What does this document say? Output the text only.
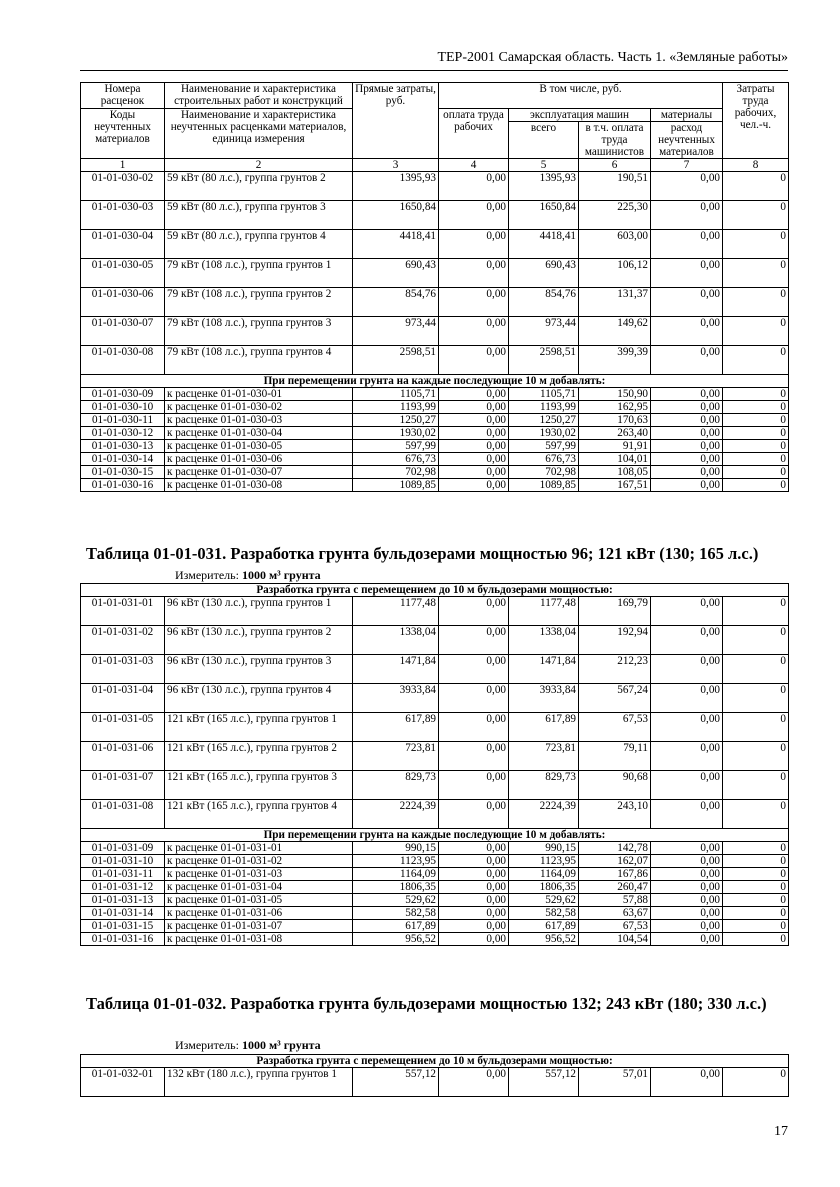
ТЕР-2001 Самарская область. Часть 1. «Земляные работы»
Номера расценок	Наименование и характеристика строительных работ и конструкций	Прямые затраты, руб.	В том числе, руб.				Затраты труда рабочих, чел.-ч.
Коды неучтенных материалов	Наименование и характеристика неучтенных расценками материалов, единица измерения		оплата труда рабочих	эксплуатация машин		материалы	
				всего	в т.ч. оплата труда машинистов	расход неучтенных материалов	

1	2	3	4	5	6	7	8
01-01-030-02	59 кВт (80 л.с.), группа грунтов 2	1395,93	0,00	1395,93	190,51	0,00	0
01-01-030-03	59 кВт (80 л.с.), группа грунтов 3	1650,84	0,00	1650,84	225,30	0,00	0
01-01-030-04	59 кВт (80 л.с.), группа грунтов 4	4418,41	0,00	4418,41	603,00	0,00	0
01-01-030-05	79 кВт (108 л.с.), группа грунтов 1	690,43	0,00	690,43	106,12	0,00	0
01-01-030-06	79 кВт (108 л.с.), группа грунтов 2	854,76	0,00	854,76	131,37	0,00	0
01-01-030-07	79 кВт (108 л.с.), группа грунтов 3	973,44	0,00	973,44	149,62	0,00	0
01-01-030-08	79 кВт (108 л.с.), группа грунтов 4	2598,51	0,00	2598,51	399,39	0,00	0
При перемещении грунта на каждые последующие 10 м добавлять:							
01-01-030-09	к расценке 01-01-030-01	1105,71	0,00	1105,71	150,90	0,00	0
01-01-030-10	к расценке 01-01-030-02	1193,99	0,00	1193,99	162,95	0,00	0
01-01-030-11	к расценке 01-01-030-03	1250,27	0,00	1250,27	170,63	0,00	0
01-01-030-12	к расценке 01-01-030-04	1930,02	0,00	1930,02	263,40	0,00	0
01-01-030-13	к расценке 01-01-030-05	597,99	0,00	597,99	91,91	0,00	0
01-01-030-14	к расценке 01-01-030-06	676,73	0,00	676,73	104,01	0,00	0
01-01-030-15	к расценке 01-01-030-07	702,98	0,00	702,98	108,05	0,00	0
01-01-030-16	к расценке 01-01-030-08	1089,85	0,00	1089,85	167,51	0,00	0
Таблица 01-01-031. Разработка грунта бульдозерами мощностью 96; 121 кВт (130; 165 л.с.)
Измеритель: 1000 м³ грунта
Разработка грунта с перемещением до 10 м бульдозерами мощностью:							
01-01-031-01	96 кВт (130 л.с.), группа грунтов 1	1177,48	0,00	1177,48	169,79	0,00	0
01-01-031-02	96 кВт (130 л.с.), группа грунтов 2	1338,04	0,00	1338,04	192,94	0,00	0
01-01-031-03	96 кВт (130 л.с.), группа грунтов 3	1471,84	0,00	1471,84	212,23	0,00	0
01-01-031-04	96 кВт (130 л.с.), группа грунтов 4	3933,84	0,00	3933,84	567,24	0,00	0
01-01-031-05	121 кВт (165 л.с.), группа грунтов 1	617,89	0,00	617,89	67,53	0,00	0
01-01-031-06	121 кВт (165 л.с.), группа грунтов 2	723,81	0,00	723,81	79,11	0,00	0
01-01-031-07	121 кВт (165 л.с.), группа грунтов 3	829,73	0,00	829,73	90,68	0,00	0
01-01-031-08	121 кВт (165 л.с.), группа грунтов 4	2224,39	0,00	2224,39	243,10	0,00	0
При перемещении грунта на каждые последующие 10 м добавлять:							
01-01-031-09	к расценке 01-01-031-01	990,15	0,00	990,15	142,78	0,00	0
01-01-031-10	к расценке 01-01-031-02	1123,95	0,00	1123,95	162,07	0,00	0
01-01-031-11	к расценке 01-01-031-03	1164,09	0,00	1164,09	167,86	0,00	0
01-01-031-12	к расценке 01-01-031-04	1806,35	0,00	1806,35	260,47	0,00	0
01-01-031-13	к расценке 01-01-031-05	529,62	0,00	529,62	57,88	0,00	0
01-01-031-14	к расценке 01-01-031-06	582,58	0,00	582,58	63,67	0,00	0
01-01-031-15	к расценке 01-01-031-07	617,89	0,00	617,89	67,53	0,00	0
01-01-031-16	к расценке 01-01-031-08	956,52	0,00	956,52	104,54	0,00	0
Таблица 01-01-032. Разработка грунта бульдозерами мощностью 132; 243 кВт (180; 330 л.с.)
Измеритель: 1000 м³ грунта
Разработка грунта с перемещением до 10 м бульдозерами мощностью:
01-01-032-01	132 кВт (180 л.с.), группа грунтов 1	557,12	0,00	557,12	57,01	0,00	0
17
